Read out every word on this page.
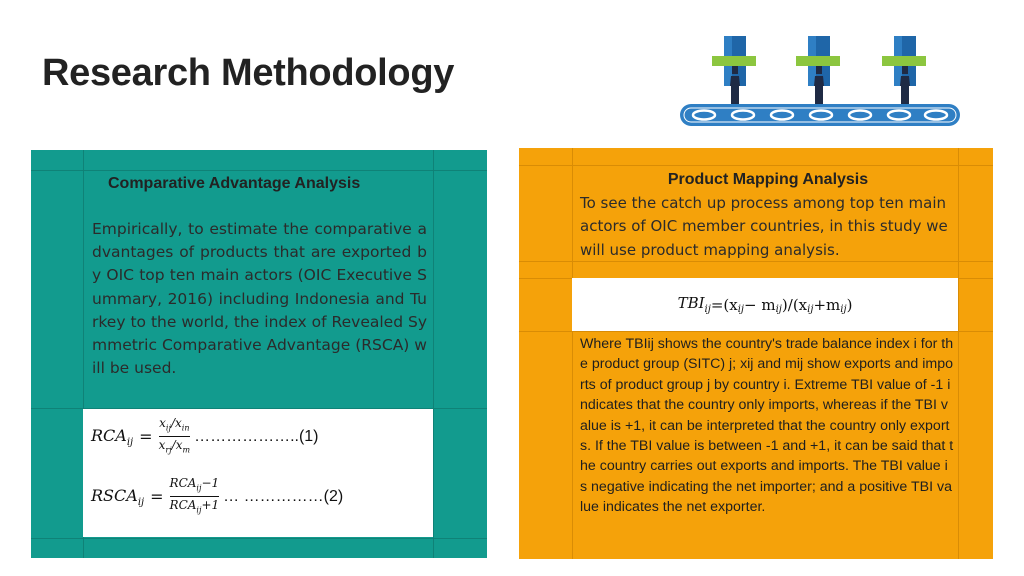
Research Methodology
Comparative Advantage Analysis
Empirically, to estimate the comparative advantages of products that are exported by OIC top ten main actors (OIC Executive Summary, 2016) including Indonesia and Turkey to the world, the index of Revealed Symmetric Comparative Advantage (RSCA) will be used.
$RCA_{ij} = \frac{x_{ij}/x_{in}}{x_{rj}/x_m}$ ………………..(1)
$RSCA_{ij} = \frac{RCA_{ij}-1}{RCA_{ij}+1}$ … ……………(2)
Product Mapping Analysis
To see the catch up process among top ten main actors of OIC member countries, in this study we will use product mapping analysis.
$TBI_{ij} =(x$ $_{ij}$ − m $_{ij}$ )/(x $_{ij}$ +m $_{ij}$ )
Where TBIij shows the country's trade balance index i for the product group (SITC) j; xij and mij show exports and imports of product group j by country i. Extreme TBI value of -1 indicates that the country only imports, whereas if the TBI value is +1, it can be interpreted that the country only exports. If the TBI value is between -1 and +1, it can be said that the country carries out exports and imports. The TBI value is negative indicating the net importer; and a positive TBI value indicates the net exporter.
